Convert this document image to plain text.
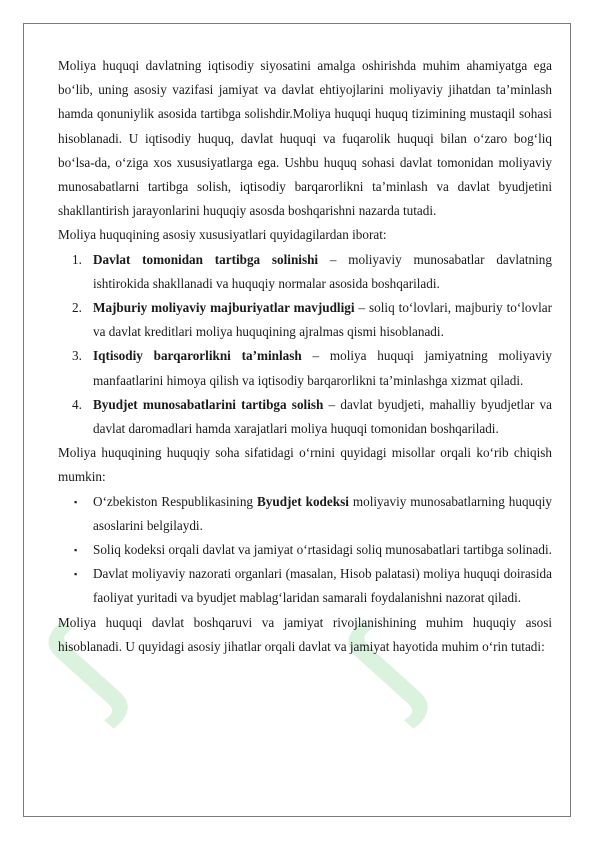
ʃ ʃ

Moliya huquqi davlatning iqtisodiy siyosatini amalga oshirishda muhim ahamiyatga ega bo‘lib, uning asosiy vazifasi jamiyat va davlat ehtiyojlarini moliyaviy jihatdan ta’minlash hamda qonuniylik asosida tartibga solishdir.Moliya huquqi huquq tizimining mustaqil sohasi hisoblanadi. U iqtisodiy huquq, davlat huquqi va fuqarolik huquqi bilan o‘zaro bog‘liq bo‘lsa-da, o‘ziga xos xususiyatlarga ega. Ushbu huquq sohasi davlat tomonidan moliyaviy munosabatlarni tartibga solish, iqtisodiy barqarorlikni ta’minlash va davlat byudjetini shakllantirish jarayonlarini huquqiy asosda boshqarishni nazarda tutadi.

Moliya huquqining asosiy xususiyatlari quyidagilardan iborat:

1. Davlat tomonidan tartibga solinishi – moliyaviy munosabatlar davlatning ishtirokida shakllanadi va huquqiy normalar asosida boshqariladi.
2. Majburiy moliyaviy majburiyatlar mavjudligi – soliq to‘lovlari, majburiy to‘lovlar va davlat kreditlari moliya huquqining ajralmas qismi hisoblanadi.
3. Iqtisodiy barqarorlikni ta’minlash – moliya huquqi jamiyatning moliyaviy manfaatlarini himoya qilish va iqtisodiy barqarorlikni ta’minlashga xizmat qiladi.
4. Byudjet munosabatlarini tartibga solish – davlat byudjeti, mahalliy byudjetlar va davlat daromadlari hamda xarajatlari moliya huquqi tomonidan boshqariladi.

Moliya huquqining huquqiy soha sifatidagi o‘rnini quyidagi misollar orqali ko‘rib chiqish mumkin:

▪ O‘zbekiston Respublikasining Byudjet kodeksi moliyaviy munosabatlarning huquqiy asoslarini belgilaydi.
▪ Soliq kodeksi orqali davlat va jamiyat o‘rtasidagi soliq munosabatlari tartibga solinadi.
▪ Davlat moliyaviy nazorati organlari (masalan, Hisob palatasi) moliya huquqi doirasida faoliyat yuritadi va byudjet mablag‘laridan samarali foydalanishni nazorat qiladi.

Moliya huquqi davlat boshqaruvi va jamiyat rivojlanishining muhim huquqiy asosi hisoblanadi. U quyidagi asosiy jihatlar orqali davlat va jamiyat hayotida muhim o‘rin tutadi:
